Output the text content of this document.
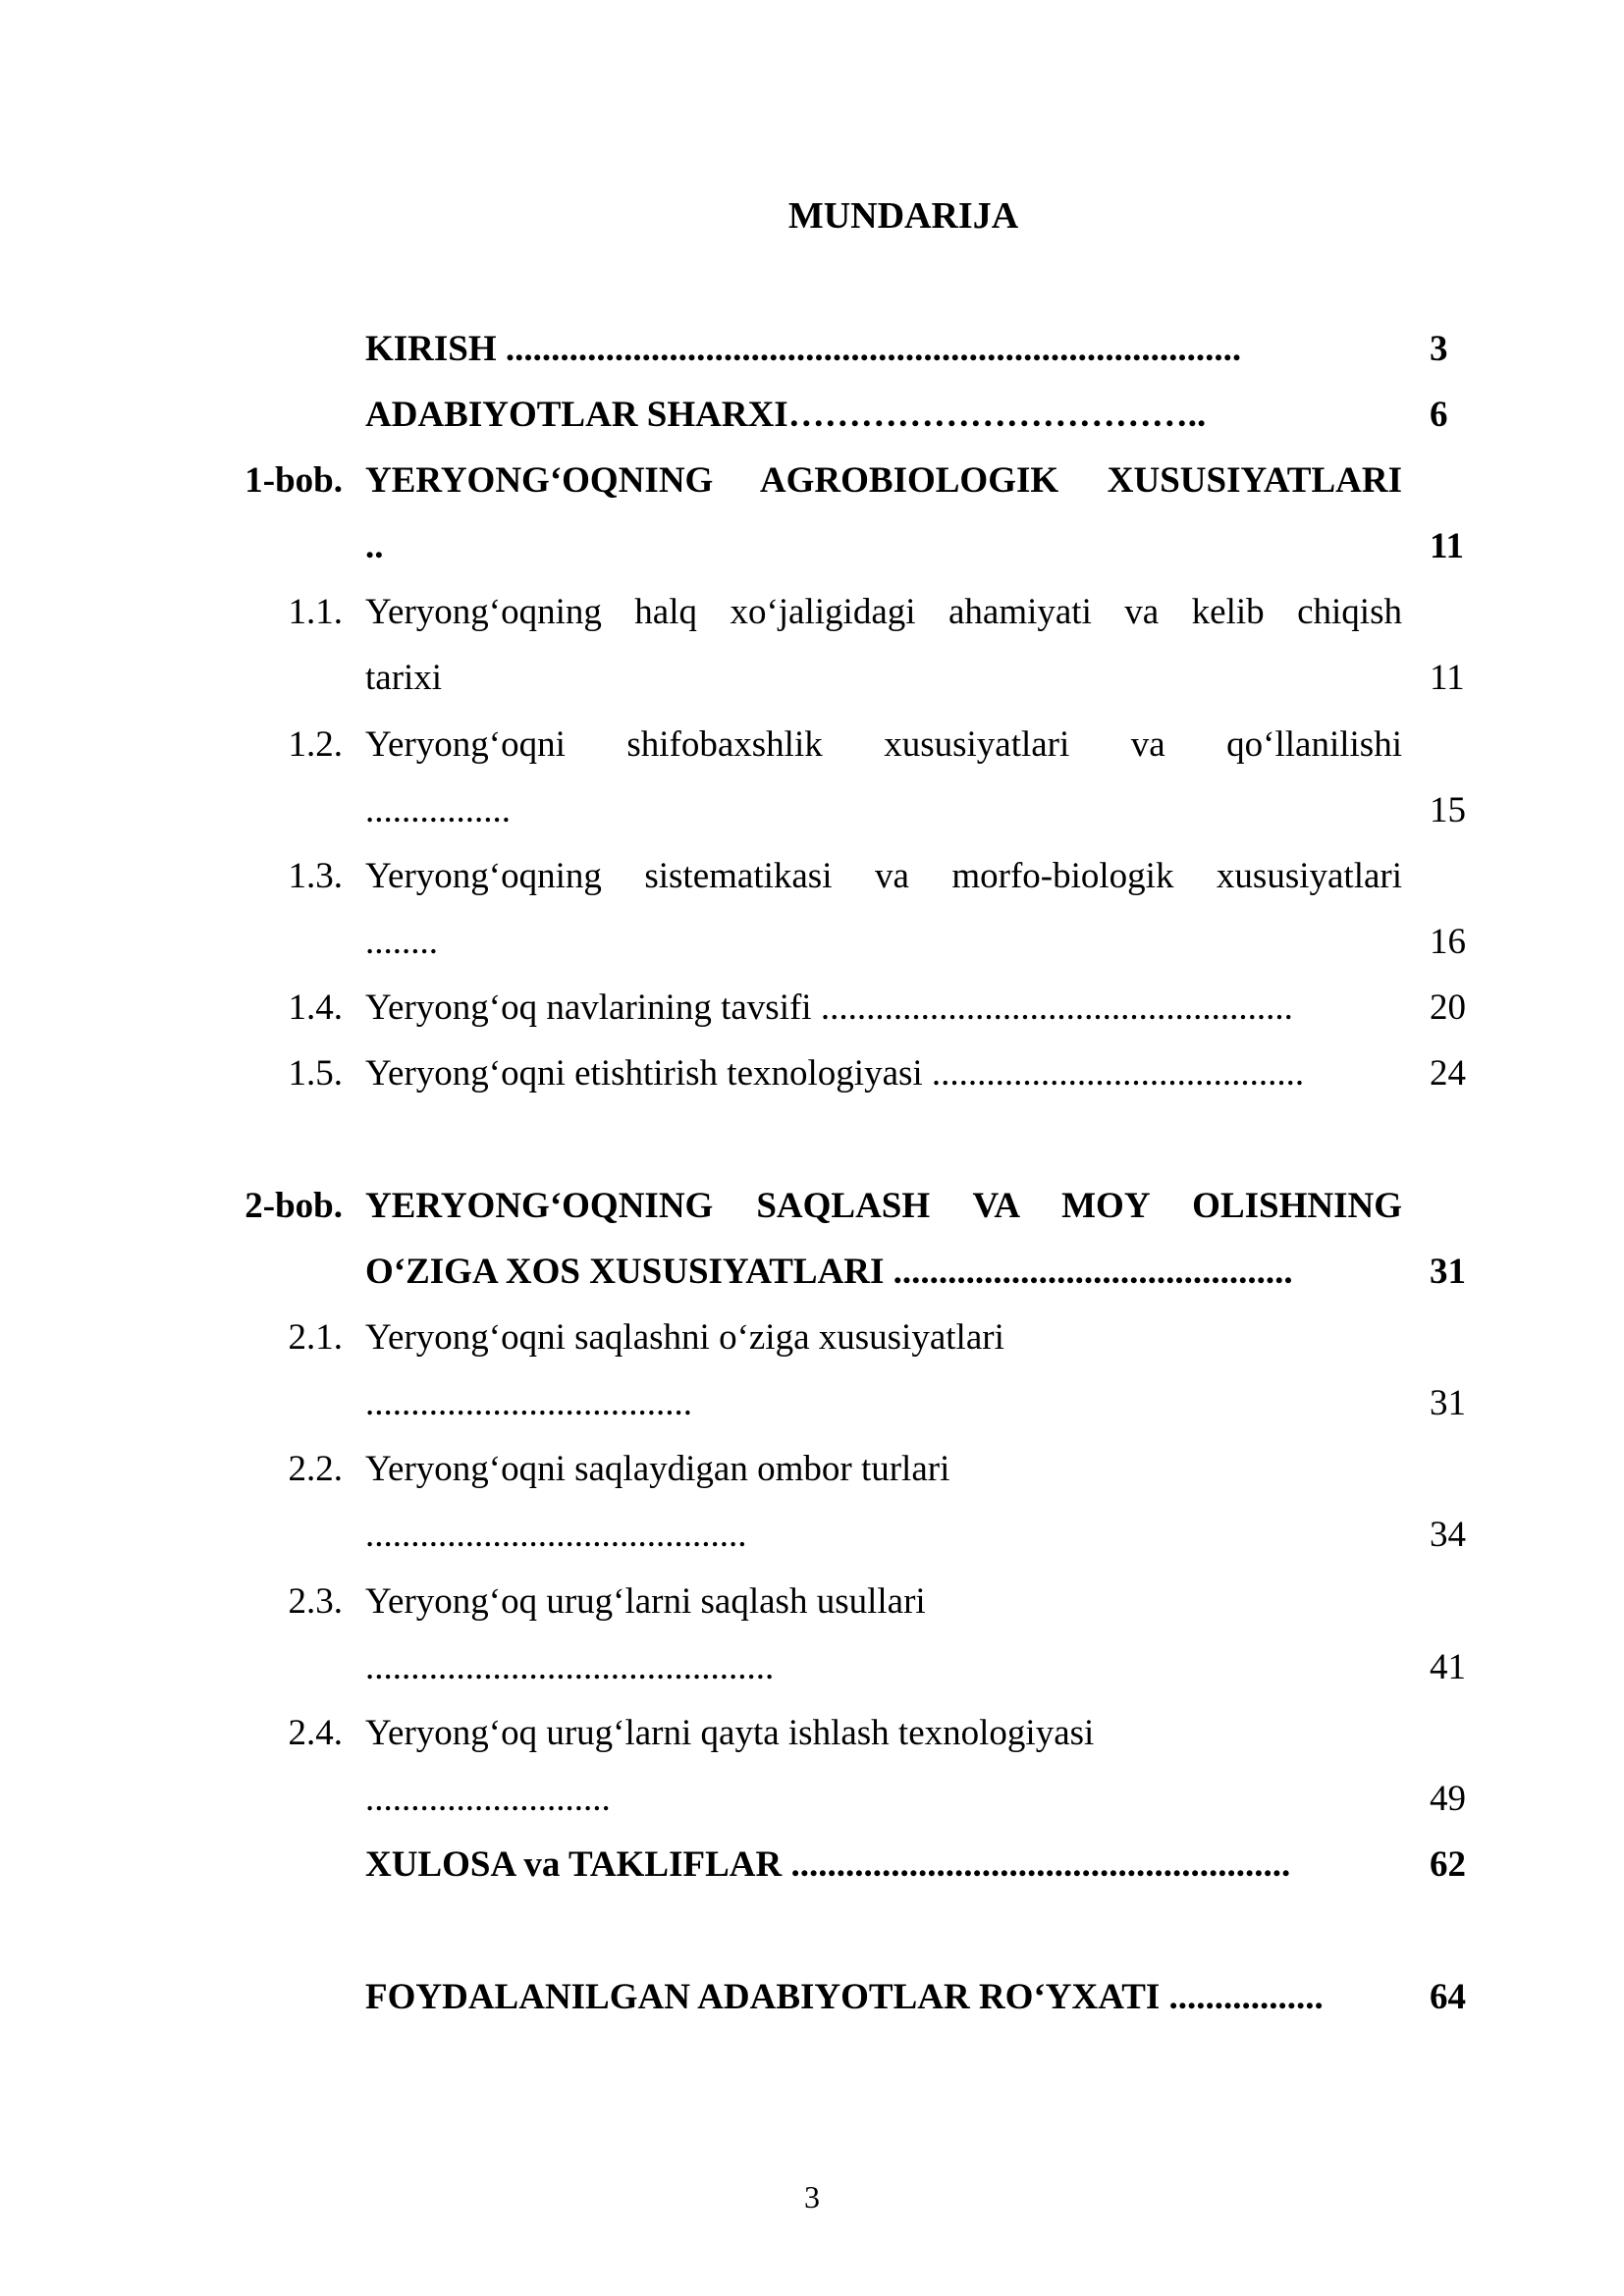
MUNDARIJA
KIRISH .................................................................................	3
ADABIYOTLAR SHARXI……………………………..	6
1-bob. YERYONG‘OQNING AGROBIOLOGIK XUSUSIYATLARI
..	11
1.1. Yeryong‘oqning halq xo‘jaligidagi ahamiyati va kelib chiqish
tarixi	11
1.2. Yeryong‘oqni shifobaxshlik xususiyatlari va qo‘llanilishi
................	15
1.3. Yeryong‘oqning sistematikasi va morfo-biologik xususiyatlari
........	16
1.4. Yeryong‘oq navlarining tavsifi ....................................................	20
1.5. Yeryong‘oqni etishtirish texnologiyasi .........................................	24
2-bob. YERYONG‘OQNING SAQLASH VA MOY OLISHNING
O‘ZIGA XOS XUSUSIYATLARI ............................................	31
2.1. Yeryong‘oqni saqlashni o‘ziga xususiyatlari
....................................	31
2.2. Yeryong‘oqni saqlaydigan ombor turlari
..........................................	34
2.3. Yeryong‘oq urug‘larni saqlash usullari
.............................................	41
2.4. Yeryong‘oq urug‘larni qayta ishlash texnologiyasi
...........................	49
XULOSA va TAKLIFLAR .......................................................	62
FOYDALANILGAN ADABIYOTLAR RO‘YXATI .................	64
3
